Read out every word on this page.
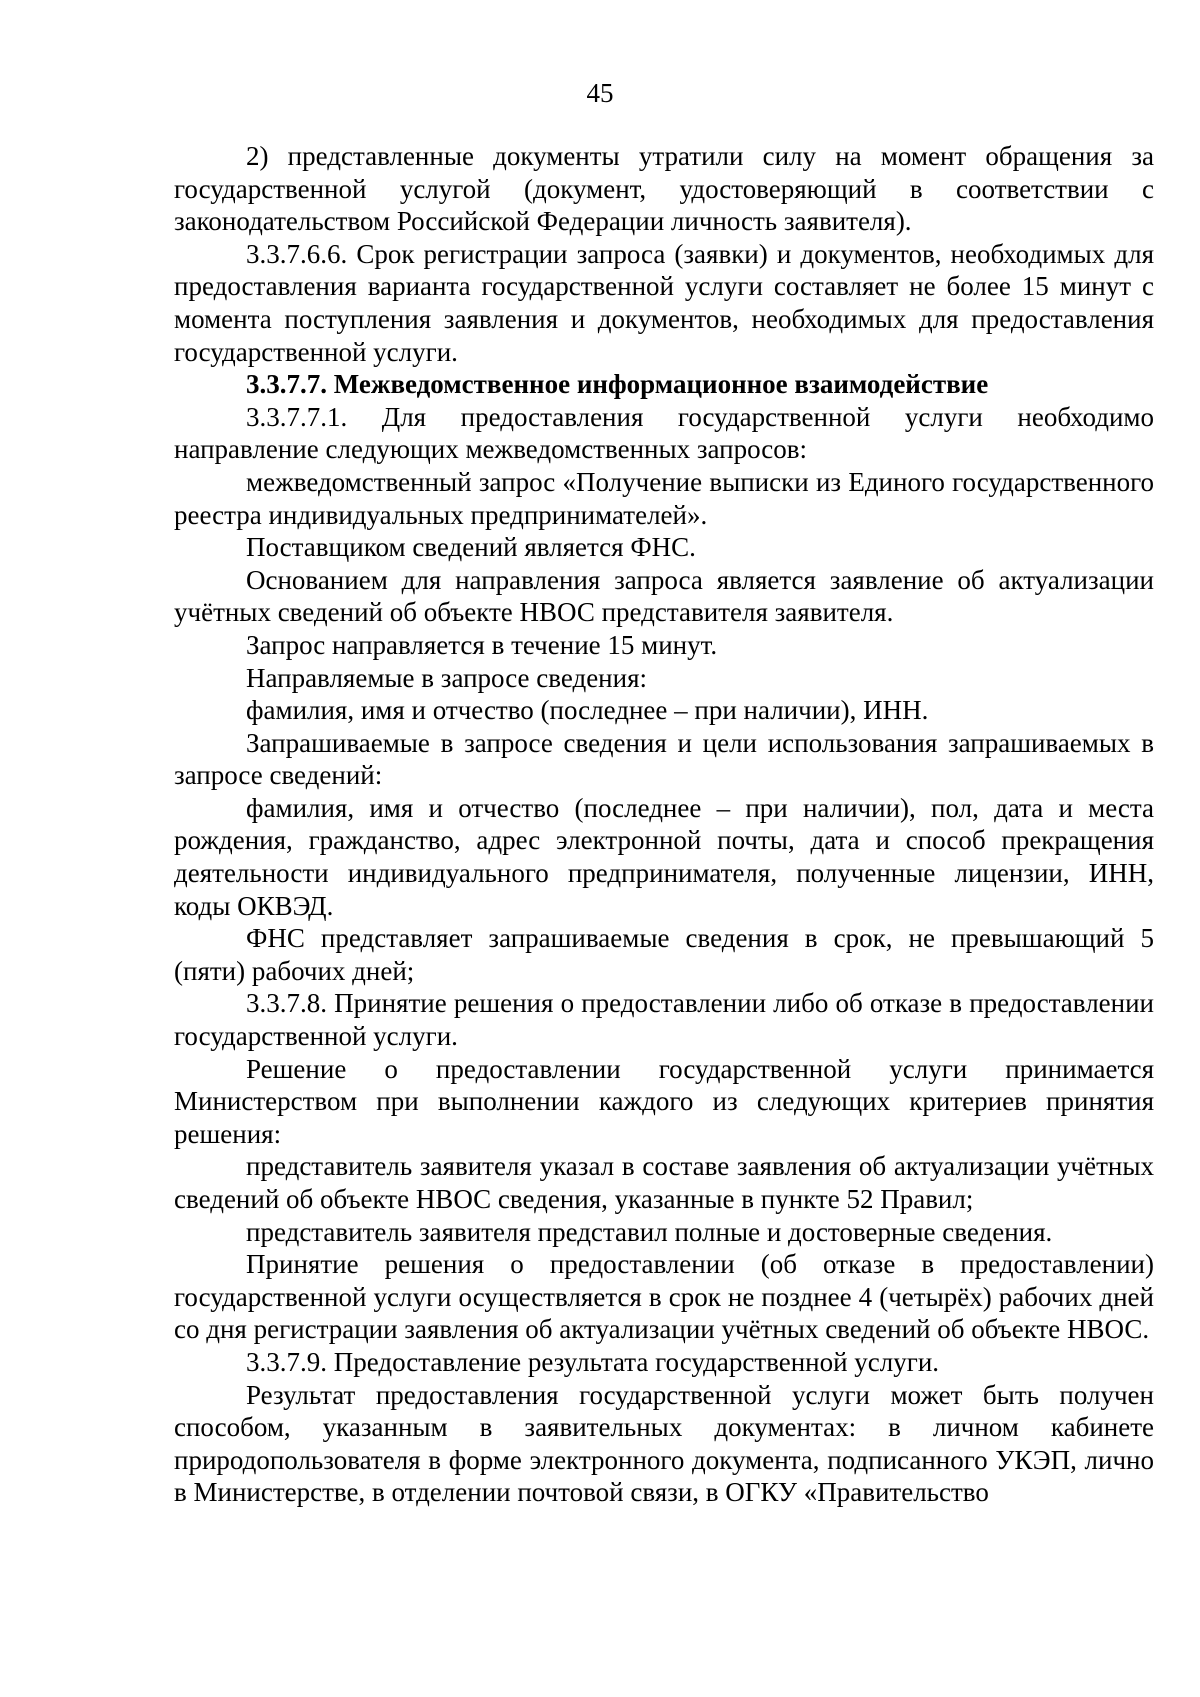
45

2) представленные документы утратили силу на момент обращения за государственной услугой (документ, удостоверяющий в соответствии с законодательством Российской Федерации личность заявителя).

3.3.7.6.6. Срок регистрации запроса (заявки) и документов, необходимых для предоставления варианта государственной услуги составляет не более 15 минут с момента поступления заявления и документов, необходимых для предоставления государственной услуги.

3.3.7.7. Межведомственное информационное взаимодействие

3.3.7.7.1. Для предоставления государственной услуги необходимо направление следующих межведомственных запросов:

межведомственный запрос «Получение выписки из Единого государственного реестра индивидуальных предпринимателей».

Поставщиком сведений является ФНС.

Основанием для направления запроса является заявление об актуализации учётных сведений об объекте НВОС представителя заявителя.

Запрос направляется в течение 15 минут.

Направляемые в запросе сведения:

фамилия, имя и отчество (последнее – при наличии), ИНН.

Запрашиваемые в запросе сведения и цели использования запрашиваемых в запросе сведений:

фамилия, имя и отчество (последнее – при наличии), пол, дата и места рождения, гражданство, адрес электронной почты, дата и способ прекращения деятельности индивидуального предпринимателя, полученные лицензии, ИНН, коды ОКВЭД.

ФНС представляет запрашиваемые сведения в срок, не превышающий 5 (пяти) рабочих дней;

3.3.7.8. Принятие решения о предоставлении либо об отказе в предоставлении государственной услуги.

Решение о предоставлении государственной услуги принимается Министерством при выполнении каждого из следующих критериев принятия решения:

представитель заявителя указал в составе заявления об актуализации учётных сведений об объекте НВОС сведения, указанные в пункте 52 Правил;

представитель заявителя представил полные и достоверные сведения.

Принятие решения о предоставлении (об отказе в предоставлении) государственной услуги осуществляется в срок не позднее 4 (четырёх) рабочих дней со дня регистрации заявления об актуализации учётных сведений об объекте НВОС.

3.3.7.9. Предоставление результата государственной услуги.

Результат предоставления государственной услуги может быть получен способом, указанным в заявительных документах: в личном кабинете природопользователя в форме электронного документа, подписанного УКЭП, лично в Министерстве, в отделении почтовой связи, в ОГКУ «Правительство
